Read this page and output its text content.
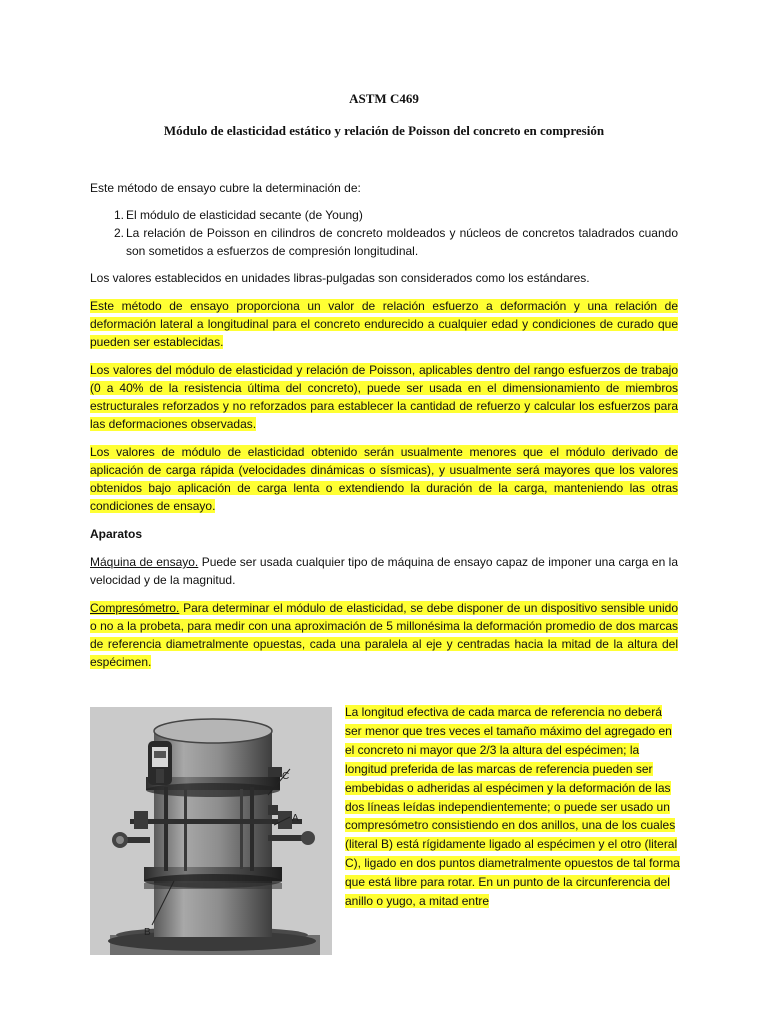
ASTM C469
Módulo de elasticidad estático y relación de Poisson del concreto en compresión

Este método de ensayo cubre la determinación de:

1. El módulo de elasticidad secante (de Young)
2. La relación de Poisson en cilindros de concreto moldeados y núcleos de concretos taladrados cuando son sometidos a esfuerzos de compresión longitudinal.

Los valores establecidos en unidades libras-pulgadas son considerados como los estándares.

Este método de ensayo proporciona un valor de relación esfuerzo a deformación y una relación de deformación lateral a longitudinal para el concreto endurecido a cualquier edad y condiciones de curado que pueden ser establecidas.

Los valores del módulo de elasticidad y relación de Poisson, aplicables dentro del rango esfuerzos de trabajo (0 a 40% de la resistencia última del concreto), puede ser usada en el dimensionamiento de miembros estructurales reforzados y no reforzados para establecer la cantidad de refuerzo y calcular los esfuerzos para las deformaciones observadas.

Los valores de módulo de elasticidad obtenido serán usualmente menores que el módulo derivado de aplicación de carga rápida (velocidades dinámicas o sísmicas), y usualmente será mayores que los valores obtenidos bajo aplicación de carga lenta o extendiendo la duración de la carga, manteniendo las otras condiciones de ensayo.

Aparatos

Máquina de ensayo. Puede ser usada cualquier tipo de máquina de ensayo capaz de imponer una carga en la velocidad y de la magnitud.

Compresómetro. Para determinar el módulo de elasticidad, se debe disponer de un dispositivo sensible unido o no a la probeta, para medir con una aproximación de 5 millonésima la deformación promedio de dos marcas de referencia diametralmente opuestas, cada una paralela al eje y centradas hacia la mitad de la altura del espécimen.

C
A
B

La longitud efectiva de cada marca de referencia no deberá ser menor que tres veces el tamaño máximo del agregado en el concreto ni mayor que 2/3 la altura del espécimen; la longitud preferida de las marcas de referencia pueden ser embebidas o adheridas al espécimen y la deformación de las dos líneas leídas independientemente; o puede ser usado un compresómetro consistiendo en dos anillos, una de los cuales (literal B) está rígidamente ligado al espécimen y el otro (literal C), ligado en dos puntos diametralmente opuestos de tal forma que está libre para rotar. En un punto de la circunferencia del anillo o yugo, a mitad entre
